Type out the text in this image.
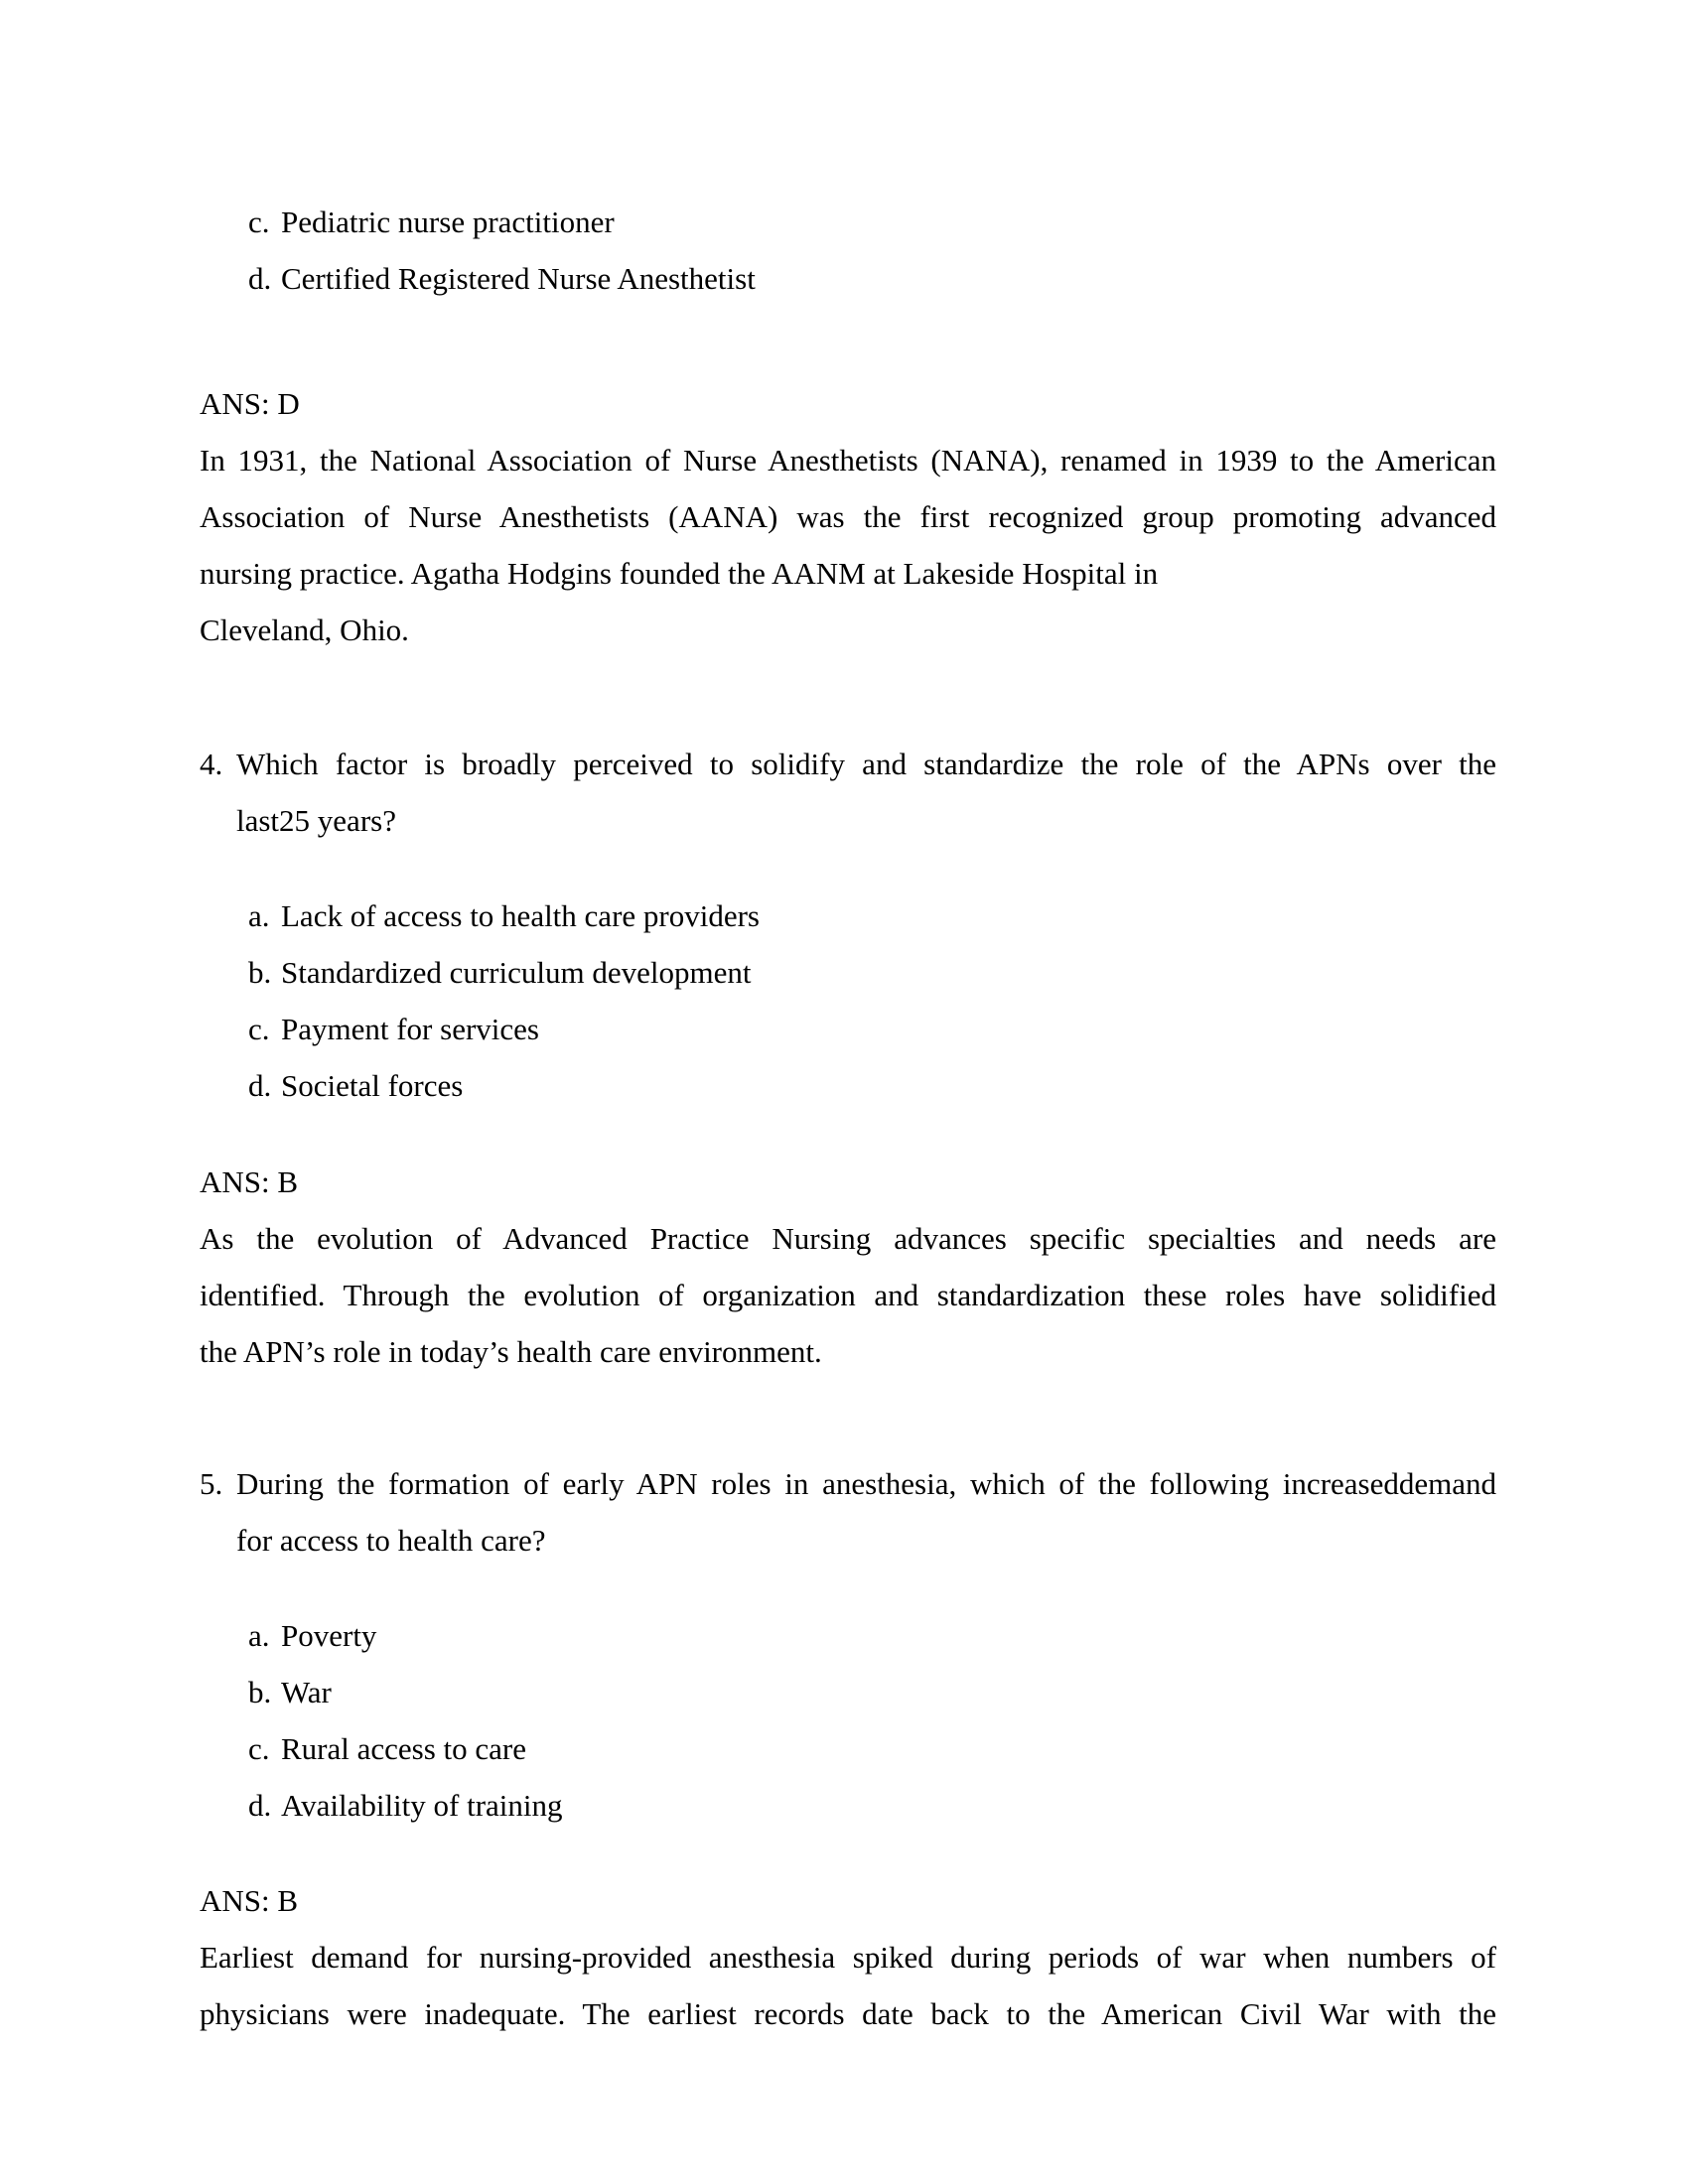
c. Pediatric nurse practitioner
d. Certified Registered Nurse Anesthetist
ANS: D
In 1931, the National Association of Nurse Anesthetists (NANA), renamed in 1939 to the American
Association of Nurse Anesthetists (AANA) was the first recognized group promoting advanced
nursing practice. Agatha Hodgins founded the AANM at Lakeside Hospital in
Cleveland, Ohio.
4. Which factor is broadly perceived to solidify and standardize the role of the APNs over the
last25 years?
a. Lack of access to health care providers
b. Standardized curriculum development
c. Payment for services
d. Societal forces
ANS: B
As the evolution of Advanced Practice Nursing advances specific specialties and needs are
identified. Through the evolution of organization and standardization these roles have solidified
the APN’s role in today’s health care environment.
5. During the formation of early APN roles in anesthesia, which of the following increaseddemand
for access to health care?
a. Poverty
b. War
c. Rural access to care
d. Availability of training
ANS: B
Earliest demand for nursing-provided anesthesia spiked during periods of war when numbers of
physicians were inadequate. The earliest records date back to the American Civil War with the
